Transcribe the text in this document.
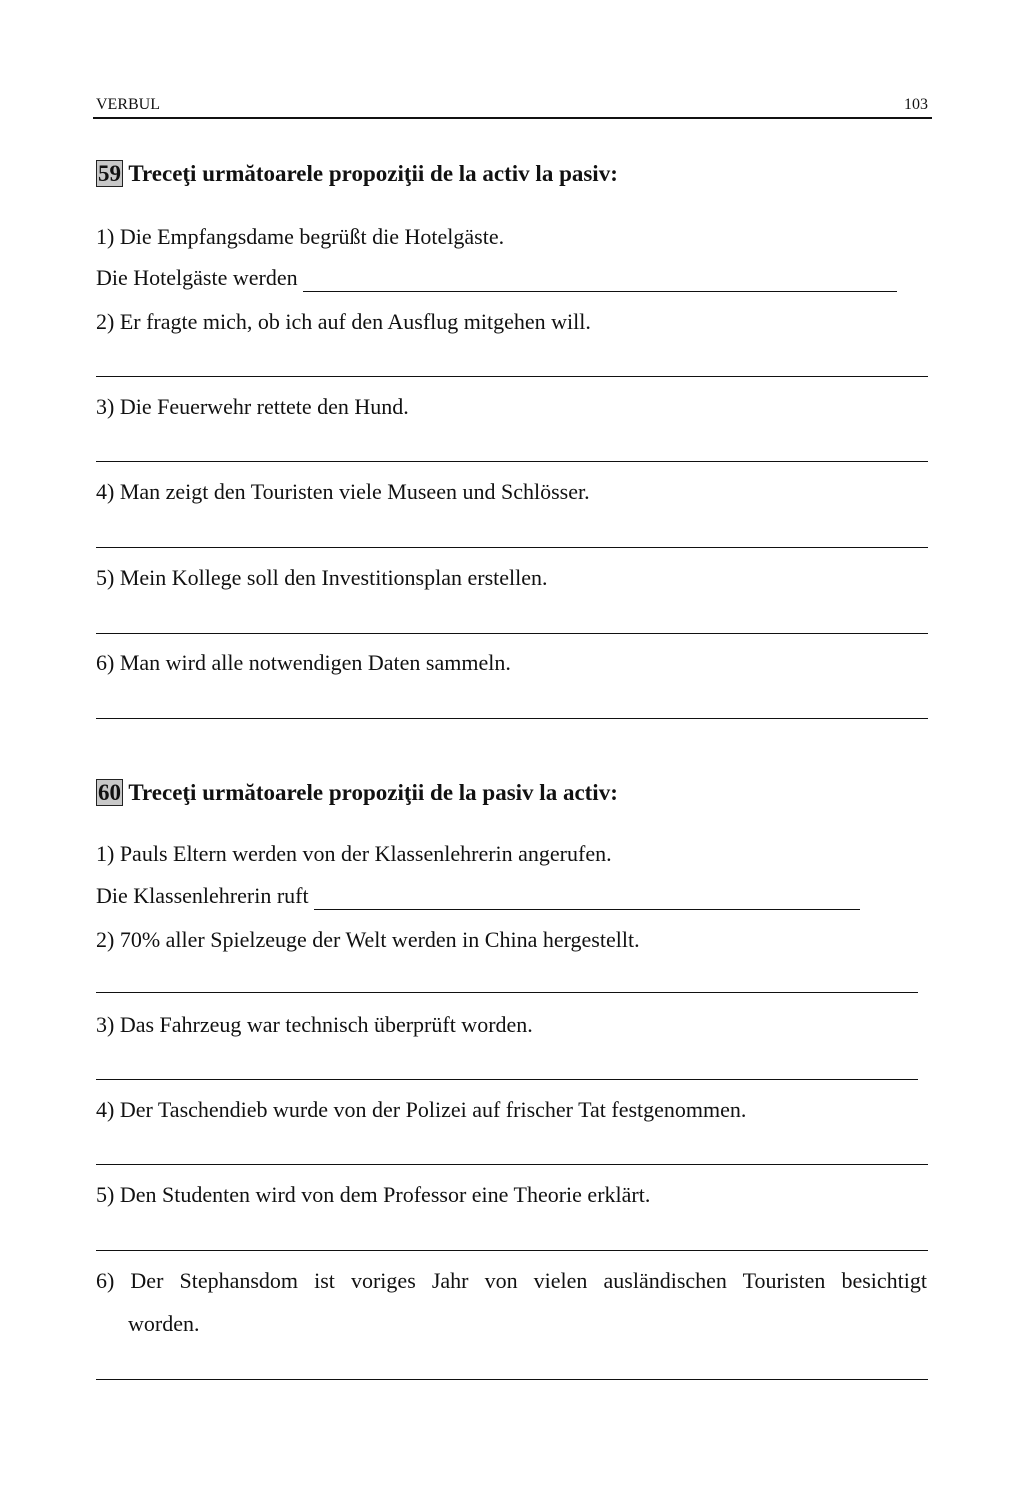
VERBUL	103
59 Treceţi următoarele propoziţii de la activ la pasiv:
1) Die Empfangsdame begrüßt die Hotelgäste.
Die Hotelgäste werden
2) Er fragte mich, ob ich auf den Ausflug mitgehen will.
3) Die Feuerwehr rettete den Hund.
4) Man zeigt den Touristen viele Museen und Schlösser.
5) Mein Kollege soll den Investitionsplan erstellen.
6) Man wird alle notwendigen Daten sammeln.
60 Treceţi următoarele propoziţii de la pasiv la activ:
1) Pauls Eltern werden von der Klassenlehrerin angerufen.
Die Klassenlehrerin ruft
2) 70% aller Spielzeuge der Welt werden in China hergestellt.
3) Das Fahrzeug war technisch überprüft worden.
4) Der Taschendieb wurde von der Polizei auf frischer Tat festgenommen.
5) Den Studenten wird von dem Professor eine Theorie erklärt.
6) Der Stephansdom ist voriges Jahr von vielen ausländischen Touristen besichtigt
worden.
